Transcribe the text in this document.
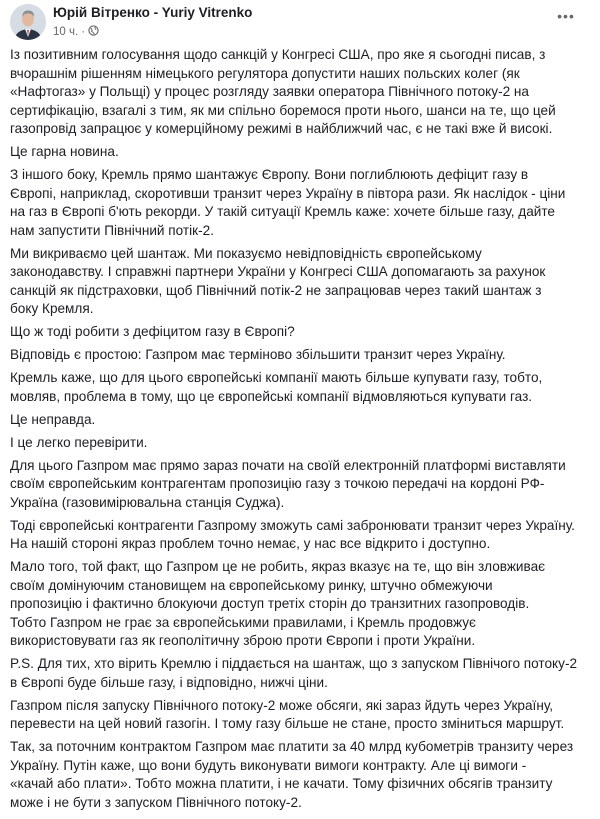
Юрій Вітренко - Yuriy Vitrenko
10 ч. ·
•••

Із позитивним голосування щодо санкцій у Конгресі США, про яке я сьогодні писав, з
вчорашнім рішенням німецького регулятора допустити наших польских колег (як
«Нафтогаз» у Польщі) у процес розгляду заявки оператора Північного потоку-2 на
сертифікацію, взагалі з тим, як ми спільно боремося проти нього, шанси на те, що цей
газопровід запрацює у комерційному режимі в найближчий час, є не такі вже й високі.

Це гарна новина.

З іншого боку, Кремль прямо шантажує Європу. Вони поглиблюють дефіцит газу в
Європі, наприклад, скоротивши транзит через Україну в півтора рази. Як наслідок - ціни
на газ в Європі б'ють рекорди. У такій ситуації Кремль каже: хочете більше газу, дайте
нам запустити Північний потік-2.

Ми викриваємо цей шантаж. Ми показуємо невідповідність європейському
законодавству. І справжні партнери України у Конгресі США допомагають за рахунок
санкцій як підстраховки, щоб Північний потік-2 не запрацював через такий шантаж з
боку Кремля.

Що ж тоді робити з дефіцитом газу в Європі?

Відповідь є простою: Газпром має терміново збільшити транзит через Україну.

Кремль каже, що для цього європейські компанії мають більше купувати газу, тобто,
мовляв, проблема в тому, що це європейські компанії відмовляються купувати газ.

Це неправда.

І це легко перевірити.

Для цього Газпром має прямо зараз почати на своїй електронній платформі виставляти
своїм європейським контрагентам пропозицію газу з точкою передачі на кордоні РФ-
Україна (газовимірювальна станція Суджа).

Тоді європейські контрагенти Газпрому зможуть самі забронювати транзит через Україну.
На нашій стороні якраз проблем точно немає, у нас все відкрито і доступно.

Мало того, той факт, що Газпром це не робить, якраз вказує на те, що він зловживає
своїм домінуючим становищем на європейському ринку, штучно обмежуючи
пропозицію і фактично блокуючи доступ третіх сторін до транзитних газопроводів.
Тобто Газпром не грає за європейськими правилами, і Кремль продовжує
використовувати газ як геополітичну зброю проти Європи і проти України.

P.S. Для тих, хто вірить Кремлю і піддається на шантаж, що з запуском Північого потоку-2
в Європі буде більше газу, і відповідно, нижчі ціни.

Газпром після запуску Північного потоку-2 може обсяги, які зараз йдуть через Україну,
перевести на цей новий газогін. І тому газу більше не стане, просто зміниться маршрут.

Так, за поточним контрактом Газпром має платити за 40 млрд кубометрів транзиту через
Україну. Путін каже, що вони будуть виконувати вимоги контракту. Але ці вимоги -
«качай або плати». Тобто можна платити, і не качати. Тому фізичних обсягів транзиту
може і не бути з запуском Північного потоку-2.
